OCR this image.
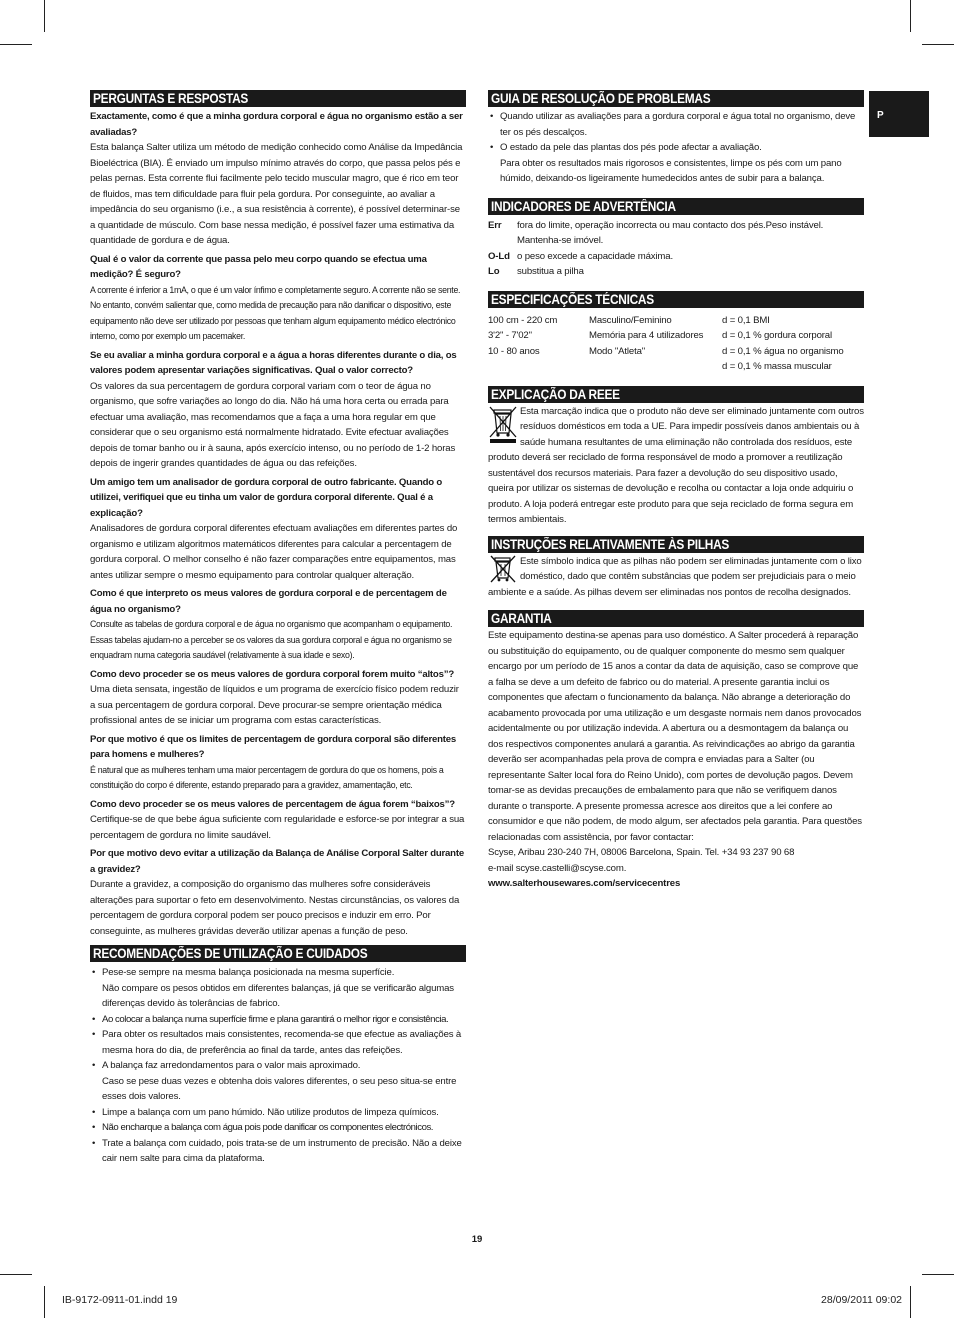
P
PERGUNTAS E RESPOSTAS
Exactamente, como é que a minha gordura corporal e água no organismo estão a ser avaliadas?
Esta balança Salter utiliza um método de medição conhecido como Análise da Impedância Bioeléctrica (BIA). É enviado um impulso mínimo através do corpo, que passa pelos pés e pelas pernas. Esta corrente flui facilmente pelo tecido muscular magro, que é rico em teor de fluidos, mas tem dificuldade para fluir pela gordura. Por conseguinte, ao avaliar a impedância do seu organismo (i.e., a sua resistência à corrente), é possível determinar-se a quantidade de músculo. Com base nessa medição, é possível fazer uma estimativa da quantidade de gordura e de água.
Qual é o valor da corrente que passa pelo meu corpo quando se efectua uma medição? É seguro?
A corrente é inferior a 1mA, o que é um valor ínfimo e completamente seguro. A corrente não se sente. No entanto, convém salientar que, como medida de precaução para não danificar o dispositivo, este equipamento não deve ser utilizado por pessoas que tenham algum equipamento médico electrónico interno, como por exemplo um pacemaker.
Se eu avaliar a minha gordura corporal e a água a horas diferentes durante o dia, os valores podem apresentar variações significativas. Qual o valor correcto?
Os valores da sua percentagem de gordura corporal variam com o teor de água no organismo, que sofre variações ao longo do dia. Não há uma hora certa ou errada para efectuar uma avaliação, mas recomendamos que a faça a uma hora regular em que considerar que o seu organismo está normalmente hidratado. Evite efectuar avaliações depois de tomar banho ou ir à sauna, após exercício intenso, ou no período de 1-2 horas depois de ingerir grandes quantidades de água ou das refeições.
Um amigo tem um analisador de gordura corporal de outro fabricante. Quando o utilizei, verifiquei que eu tinha um valor de gordura corporal diferente. Qual é a explicação?
Analisadores de gordura corporal diferentes efectuam avaliações em diferentes partes do organismo e utilizam algoritmos matemáticos diferentes para calcular a percentagem de gordura corporal. O melhor conselho é não fazer comparações entre equipamentos, mas antes utilizar sempre o mesmo equipamento para controlar qualquer alteração.
Como é que interpreto os meus valores de gordura corporal e de percentagem de água no organismo?
Consulte as tabelas de gordura corporal e de água no organismo que acompanham o equipamento. Essas tabelas ajudam-no a perceber se os valores da sua gordura corporal e água no organismo se enquadram numa categoria saudável (relativamente à sua idade e sexo).
Como devo proceder se os meus valores de gordura corporal forem muito “altos”?
Uma dieta sensata, ingestão de líquidos e um programa de exercício físico podem reduzir a sua percentagem de gordura corporal. Deve procurar-se sempre orientação médica profissional antes de se iniciar um programa com estas características.
Por que motivo é que os limites de percentagem de gordura corporal são diferentes para homens e mulheres?
É natural que as mulheres tenham uma maior percentagem de gordura do que os homens, pois a constituição do corpo é diferente, estando preparado para a gravidez, amamentação, etc.
Como devo proceder se os meus valores de percentagem de água forem “baixos”?
Certifique-se de que bebe água suficiente com regularidade e esforce-se por integrar a sua percentagem de gordura no limite saudável.
Por que motivo devo evitar a utilização da Balança de Análise Corporal Salter durante a gravidez?
Durante a gravidez, a composição do organismo das mulheres sofre consideráveis alterações para suportar o feto em desenvolvimento. Nestas circunstâncias, os valores da percentagem de gordura corporal podem ser pouco precisos e induzir em erro. Por conseguinte, as mulheres grávidas deverão utilizar apenas a função de peso.
RECOMENDAÇÕES DE UTILIZAÇÃO E CUIDADOS
• Pese-se sempre na mesma balança posicionada na mesma superfície.
Não compare os pesos obtidos em diferentes balanças, já que se verificarão algumas diferenças devido às tolerâncias de fabrico.
• Ao colocar a balança numa superfície firme e plana garantirá o melhor rigor e consistência.
• Para obter os resultados mais consistentes, recomenda-se que efectue as avaliações à mesma hora do dia, de preferência ao final da tarde, antes das refeições.
• A balança faz arredondamentos para o valor mais aproximado.
Caso se pese duas vezes e obtenha dois valores diferentes, o seu peso situa-se entre esses dois valores.
• Limpe a balança com um pano húmido. Não utilize produtos de limpeza químicos.
• Não encharque a balança com água pois pode danificar os componentes electrónicos.
• Trate a balança com cuidado, pois trata-se de um instrumento de precisão. Não a deixe cair nem salte para cima da plataforma.
GUIA DE RESOLUÇÃO DE PROBLEMAS
• Quando utilizar as avaliações para a gordura corporal e água total no organismo, deve ter os pés descalços.
• O estado da pele das plantas dos pés pode afectar a avaliação.
Para obter os resultados mais rigorosos e consistentes, limpe os pés com um pano húmido, deixando-os ligeiramente humedecidos antes de subir para a balança.
INDICADORES DE ADVERTÊNCIA
Err	fora do limite, operação incorrecta ou mau contacto dos pés.Peso instável. Mantenha-se imóvel.
O-Ld o peso excede a capacidade máxima.
Lo	substitua a pilha
ESPECIFICAÇÕES TÉCNICAS
100 cm - 220 cm	Masculino/Feminino	d = 0,1 BMI
3'2" - 7'02"	Memória para 4 utilizadores	d = 0,1 % gordura corporal
10 - 80 anos	Modo "Atleta"	d = 0,1 % água no organismo
		d = 0,1 % massa muscular
EXPLICAÇÃO DA REEE
Esta marcação indica que o produto não deve ser eliminado juntamente com outros resíduos domésticos em toda a UE. Para impedir possíveis danos ambientais ou à saúde humana resultantes de uma eliminação não controlada dos resíduos, este produto deverá ser reciclado de forma responsável de modo a promover a reutilização sustentável dos recursos materiais. Para fazer a devolução do seu dispositivo usado, queira por utilizar os sistemas de devolução e recolha ou contactar a loja onde adquiriu o produto. A loja poderá entregar este produto para que seja reciclado de forma segura em termos ambientais.
INSTRUÇÕES RELATIVAMENTE ÀS PILHAS
Este símbolo indica que as pilhas não podem ser eliminadas juntamente com o lixo doméstico, dado que contêm substâncias que podem ser prejudiciais para o meio ambiente e a saúde. As pilhas devem ser eliminadas nos pontos de recolha designados.
GARANTIA
Este equipamento destina-se apenas para uso doméstico. A Salter procederá à reparação ou substituição do equipamento, ou de qualquer componente do mesmo sem qualquer encargo por um período de 15 anos a contar da data de aquisição, caso se comprove que a falha se deve a um defeito de fabrico ou do material. A presente garantia inclui os componentes que afectam o funcionamento da balança. Não abrange a deterioração do acabamento provocada por uma utilização e um desgaste normais nem danos provocados acidentalmente ou por utilização indevida. A abertura ou a desmontagem da balança ou dos respectivos componentes anulará a garantia. As reivindicações ao abrigo da garantia deverão ser acompanhadas pela prova de compra e enviadas para a Salter (ou representante Salter local fora do Reino Unido), com portes de devolução pagos. Devem tomar-se as devidas precauções de embalamento para que não se verifiquem danos durante o transporte. A presente promessa acresce aos direitos que a lei confere ao consumidor e que não podem, de modo algum, ser afectados pela garantia. Para questões relacionadas com assistência, por favor contactar:
Scyse, Aribau 230-240 7H, 08006 Barcelona, Spain. Tel. +34 93 237 90 68
e-mail scyse.castelli@scyse.com.
www.salterhousewares.com/servicecentres
19
IB-9172-0911-01.indd 19	28/09/2011 09:02
